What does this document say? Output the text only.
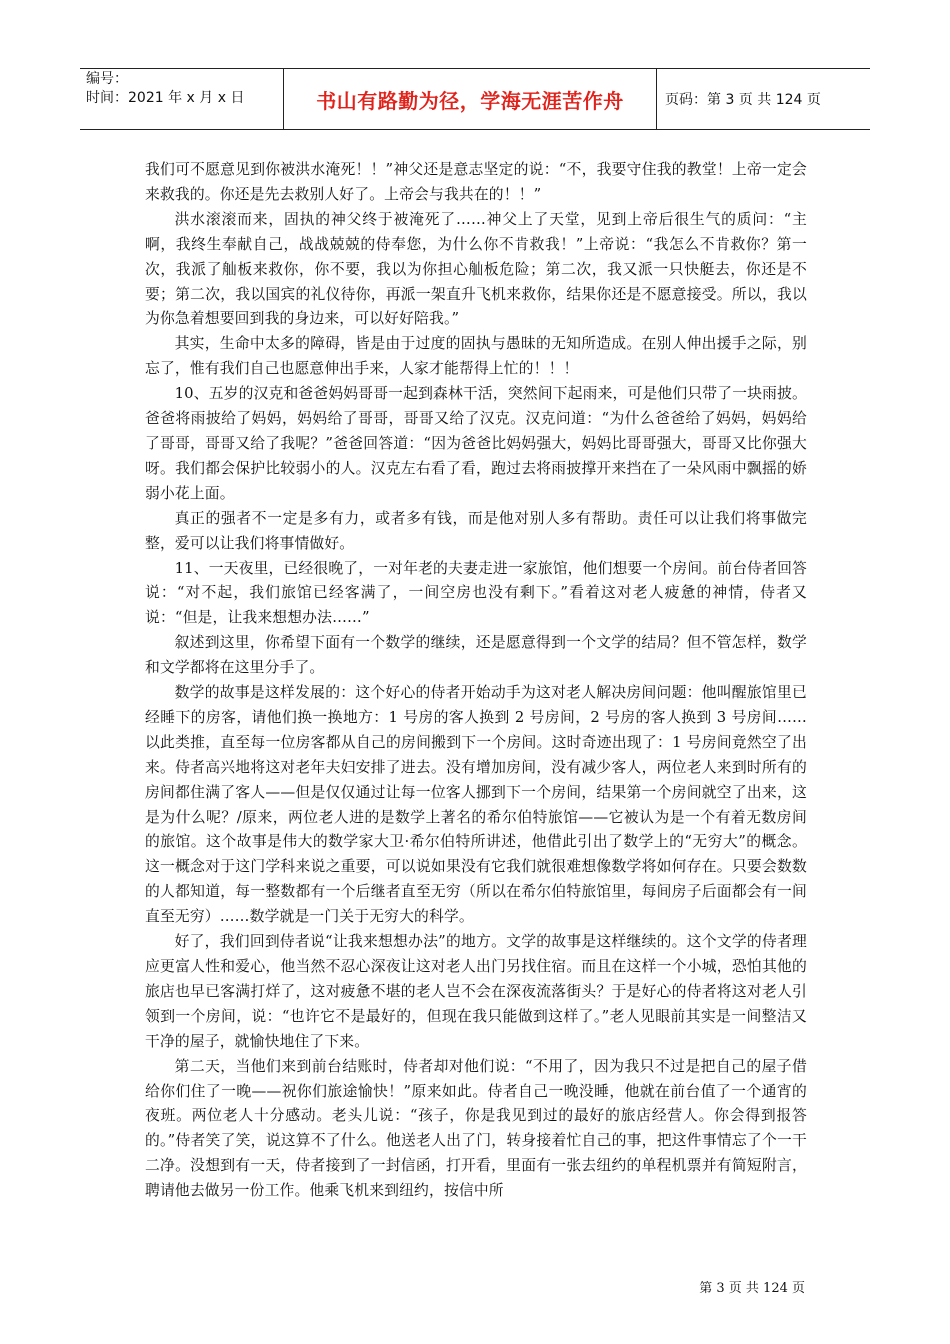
编号：
时间：2021 年 x 月 x 日	书山有路勤为径，学海无涯苦作舟	页码：第 3 页 共 124 页

我们可不愿意见到你被洪水淹死！！”神父还是意志坚定的说：“不，我要守住我的教堂！上帝一定会来救我的。你还是先去救别人好了。上帝会与我共在的！！”

洪水滚滚而来，固执的神父终于被淹死了……神父上了天堂，见到上帝后很生气的质问：“主啊，我终生奉献自己，战战兢兢的侍奉您，为什么你不肯救我！”上帝说：“我怎么不肯救你？第一次，我派了舢板来救你，你不要，我以为你担心舢板危险；第二次，我又派一只快艇去，你还是不要；第二次，我以国宾的礼仪待你，再派一架直升飞机来救你，结果你还是不愿意接受。所以，我以为你急着想要回到我的身边来，可以好好陪我。”

其实，生命中太多的障碍，皆是由于过度的固执与愚昧的无知所造成。在别人伸出援手之际，别忘了，惟有我们自己也愿意伸出手来，人家才能帮得上忙的！！！

10、五岁的汉克和爸爸妈妈哥哥一起到森林干活，突然间下起雨来，可是他们只带了一块雨披。爸爸将雨披给了妈妈，妈妈给了哥哥，哥哥又给了汉克。汉克问道：“为什么爸爸给了妈妈，妈妈给了哥哥，哥哥又给了我呢？”爸爸回答道：“因为爸爸比妈妈强大，妈妈比哥哥强大，哥哥又比你强大呀。我们都会保护比较弱小的人。汉克左右看了看，跑过去将雨披撑开来挡在了一朵风雨中飘摇的娇弱小花上面。

真正的强者不一定是多有力，或者多有钱，而是他对别人多有帮助。责任可以让我们将事做完整，爱可以让我们将事情做好。

11、一天夜里，已经很晚了，一对年老的夫妻走进一家旅馆，他们想要一个房间。前台侍者回答说：“对不起，我们旅馆已经客满了，一间空房也没有剩下。”看着这对老人疲惫的神情，侍者又说：“但是，让我来想想办法……”

叙述到这里，你希望下面有一个数学的继续，还是愿意得到一个文学的结局？但不管怎样，数学和文学都将在这里分手了。

数学的故事是这样发展的：这个好心的侍者开始动手为这对老人解决房间问题：他叫醒旅馆里已经睡下的房客，请他们换一换地方：1 号房的客人换到 2 号房间，2 号房的客人换到 3 号房间……以此类推，直至每一位房客都从自己的房间搬到下一个房间。这时奇迹出现了：1 号房间竟然空了出来。侍者高兴地将这对老年夫妇安排了进去。没有增加房间，没有减少客人，两位老人来到时所有的房间都住满了客人——但是仅仅通过让每一位客人挪到下一个房间，结果第一个房间就空了出来，这是为什么呢？/原来，两位老人进的是数学上著名的希尔伯特旅馆——它被认为是一个有着无数房间的旅馆。这个故事是伟大的数学家大卫·希尔伯特所讲述，他借此引出了数学上的“无穷大”的概念。这一概念对于这门学科来说之重要，可以说如果没有它我们就很难想像数学将如何存在。只要会数数的人都知道，每一整数都有一个后继者直至无穷（所以在希尔伯特旅馆里，每间房子后面都会有一间直至无穷）……数学就是一门关于无穷大的科学。

好了，我们回到侍者说“让我来想想办法”的地方。文学的故事是这样继续的。这个文学的侍者理应更富人性和爱心，他当然不忍心深夜让这对老人出门另找住宿。而且在这样一个小城，恐怕其他的旅店也早已客满打烊了，这对疲惫不堪的老人岂不会在深夜流落街头？于是好心的侍者将这对老人引领到一个房间，说：“也许它不是最好的，但现在我只能做到这样了。”老人见眼前其实是一间整洁又干净的屋子，就愉快地住了下来。

第二天，当他们来到前台结账时，侍者却对他们说：“不用了，因为我只不过是把自己的屋子借给你们住了一晚——祝你们旅途愉快！”原来如此。侍者自己一晚没睡，他就在前台值了一个通宵的夜班。两位老人十分感动。老头儿说：“孩子，你是我见到过的最好的旅店经营人。你会得到报答的。”侍者笑了笑，说这算不了什么。他送老人出了门，转身接着忙自己的事，把这件事情忘了个一干二净。没想到有一天，侍者接到了一封信函，打开看，里面有一张去纽约的单程机票并有简短附言，聘请他去做另一份工作。他乘飞机来到纽约，按信中所

第 3 页 共 124 页
